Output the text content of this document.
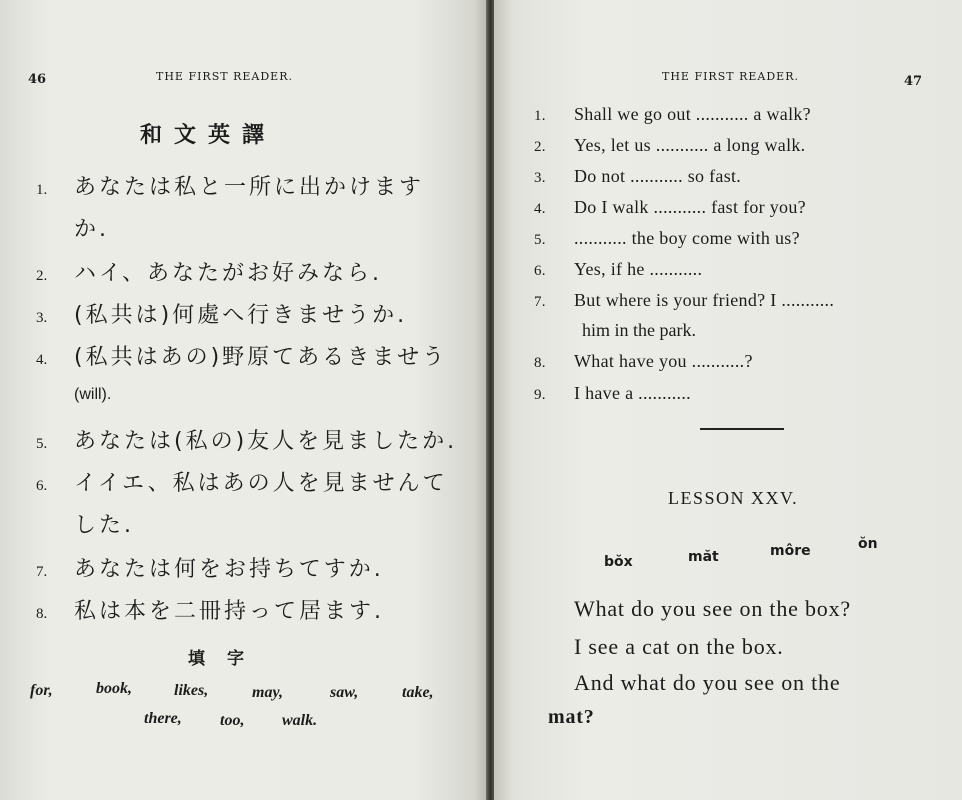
46	THE FIRST READER.
和文英譯
1. あなたは私と一所に出かけます
か.
2. ハイ、あなたがお好みなら.
3. (私共は)何處へ行きませうか.
4. (私共はあの)野原てあるきませう
(will).
5. あなたは(私の)友人を見ましたか.
6. イイエ、私はあの人を見ませんて
した.
7. あなたは何をお持ちてすか.
8. 私は本を二冊持って居ます.
填字
for,	book,	likes,	may,	saw,	take,
there, too, walk.
THE FIRST READER.	47
1. Shall we go out ........... a walk?
2. Yes, let us ........... a long walk.
3. Do not ........... so fast.
4. Do I walk ........... fast for you?
5. ........... the boy come with us?
6. Yes, if he ...........
7. But where is your friend? I ...........
him in the park.
8. What have you ...........?
9. I have a ...........
LESSON XXV.
bŏx	măt	môre	ŏn
What do you see on the box?
I see a cat on the box.
And what do you see on the
mat?
